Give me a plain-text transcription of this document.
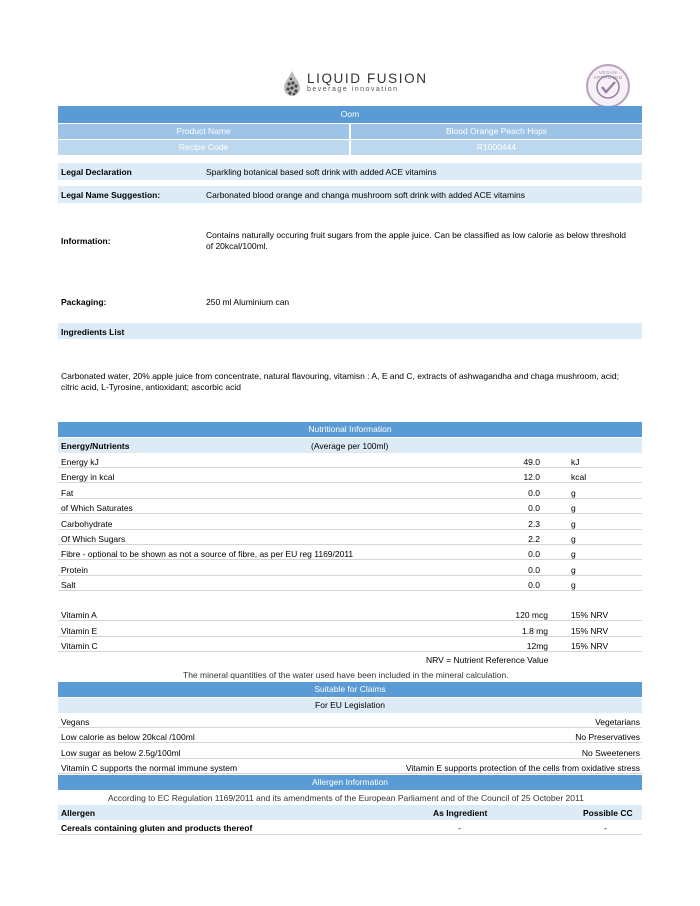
LIQUID FUSION
beverage innovation
VEGAN APPROVED
Oom
Product Name	Blood Orange Peach Hops
Recipe Code	R1000444
Legal Declaration	Sparkling botanical based soft drink with added ACE vitamins
Legal Name Suggestion:	Carbonated blood orange and changa mushroom soft drink with added ACE vitamins
Information:
Contains naturally occuring fruit sugars from the apple juice. Can be classified as low calorie as below threshold
of 20kcal/100ml.
Packaging:	250 ml Aluminium can
Ingredients List
Carbonated water, 20% apple juice from concentrate, natural flavouring, vitamisn : A, E and C, extracts of ashwagandha and chaga mushroom, acid;
citric acid, L-Tyrosine, antioxidant; ascorbic acid
Nutritional Information
Energy/Nutrients	(Average per 100ml)
Energy kJ	49.0	kJ
Energy in kcal	12.0	kcal
Fat	0.0	g
of Which Saturates	0.0	g
Carbohydrate	2.3	g
Of Which Sugars	2.2	g
Fibre - optional to be shown as not a source of fibre, as per EU reg 1169/2011	0.0	g
Protein	0.0	g
Salt	0.0	g
Vitamin A	120 mcg	15% NRV
Vitamin E	1.8 mg	15% NRV
Vitamin C	12mg	15% NRV
NRV = Nutrient Reference Value
The mineral quantities of the water used have been included in the mineral calculation.
Suitable for Claims
For EU Legislation
Vegans	Vegetarians
Low calorie as below 20kcal /100ml	No Preservatives
Low sugar as below 2.5g/100ml	No Sweeteners
Vitamin C supports the normal immune system	Vitamin E supports protection of the cells from oxidative stress
Allergen Information
According to EC Regulation 1169/2011 and its amendments of the European Parliament and of the Council of 25 October 2011
Allergen	As Ingredient	Possible CC
Cereals containing gluten and products thereof	-	-
